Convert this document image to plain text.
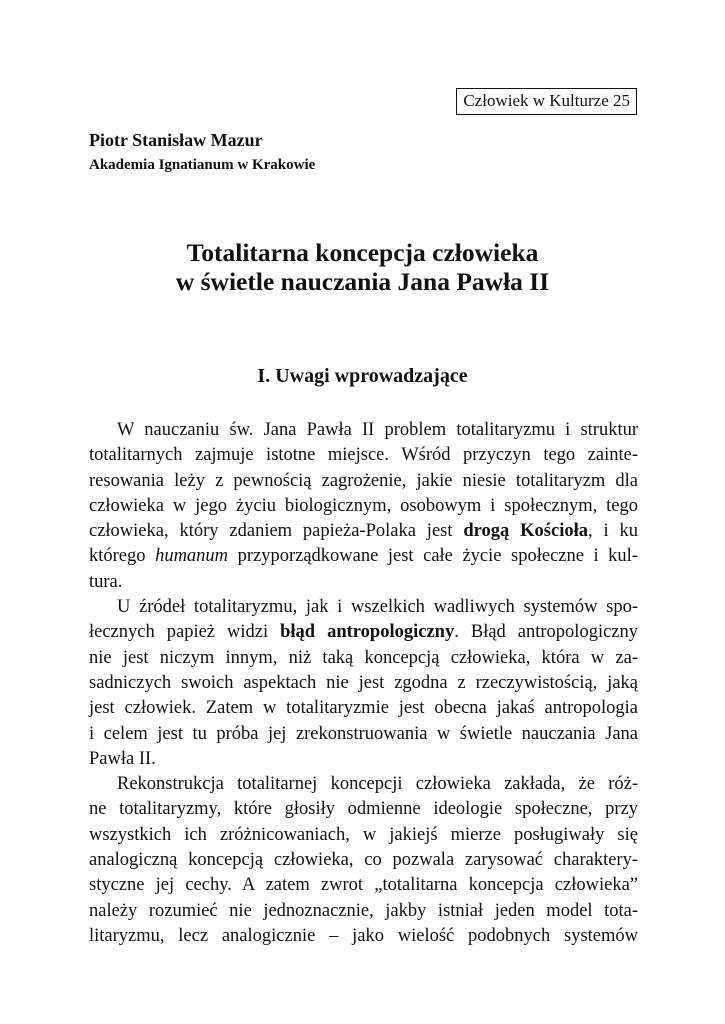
Człowiek w Kulturze 25
Piotr Stanisław Mazur
Akademia Ignatianum w Krakowie
Totalitarna koncepcja człowieka
w świetle nauczania Jana Pawła II
I. Uwagi wprowadzające
W nauczaniu św. Jana Pawła II problem totalitaryzmu i struktur
totalitarnych zajmuje istotne miejsce. Wśród przyczyn tego zainte-
resowania leży z pewnością zagrożenie, jakie niesie totalitaryzm dla
człowieka w jego życiu biologicznym, osobowym i społecznym, tego
człowieka, który zdaniem papieża-Polaka jest drogą Kościoła, i ku
którego humanum przyporządkowane jest całe życie społeczne i kul-
tura.
U źródeł totalitaryzmu, jak i wszelkich wadliwych systemów spo-
łecznych papież widzi błąd antropologiczny. Błąd antropologiczny
nie jest niczym innym, niż taką koncepcją człowieka, która w za-
sadniczych swoich aspektach nie jest zgodna z rzeczywistością, jaką
jest człowiek. Zatem w totalitaryzmie jest obecna jakaś antropologia
i celem jest tu próba jej zrekonstruowania w świetle nauczania Jana
Pawła II.
Rekonstrukcja totalitarnej koncepcji człowieka zakłada, że róż-
ne totalitaryzmy, które głosiły odmienne ideologie społeczne, przy
wszystkich ich zróżnicowaniach, w jakiejś mierze posługiwały się
analogiczną koncepcją człowieka, co pozwala zarysować charaktery-
styczne jej cechy. A zatem zwrot „totalitarna koncepcja człowieka”
należy rozumieć nie jednoznacznie, jakby istniał jeden model tota-
litaryzmu, lecz analogicznie – jako wielość podobnych systemów
